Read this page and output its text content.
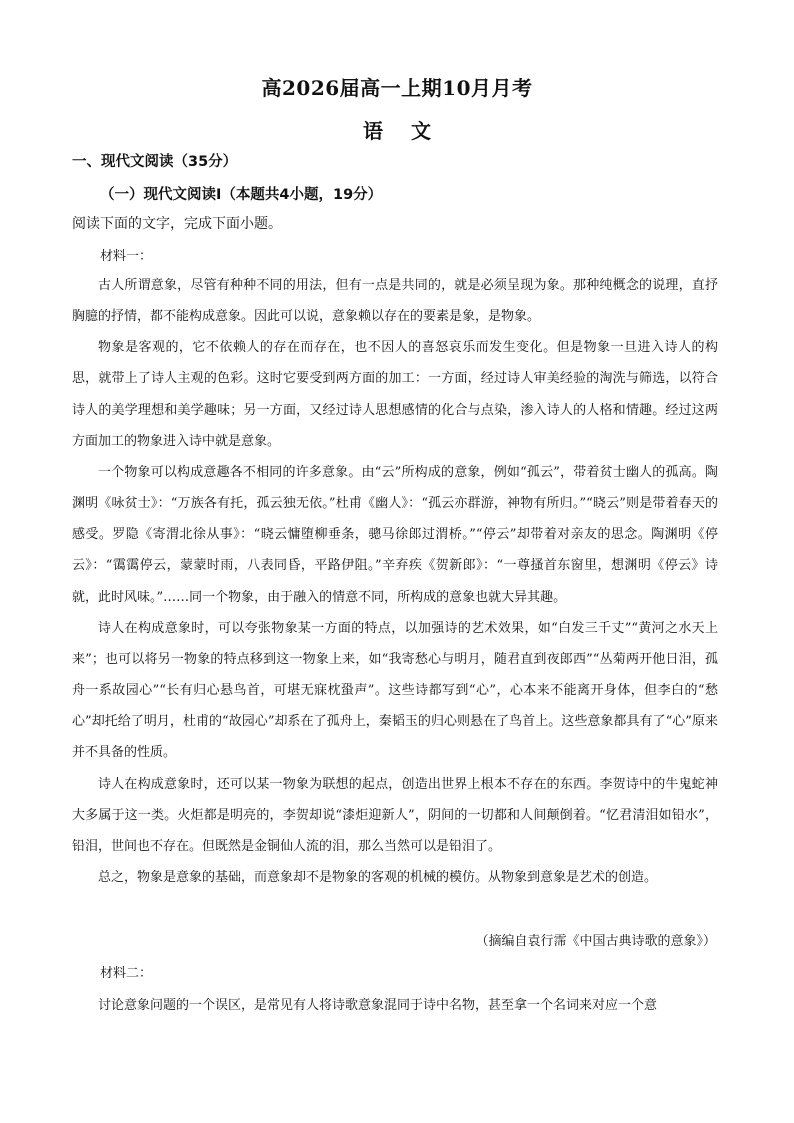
高2026届高一上期10月月考
语文
一、现代文阅读（35分）
（一）现代文阅读Ⅰ（本题共4小题，19分）
阅读下面的文字，完成下面小题。
材料一：

古人所谓意象，尽管有种种不同的用法，但有一点是共同的，就是必须呈现为象。那种纯概念的说理，直抒胸臆的抒情，都不能构成意象。因此可以说，意象赖以存在的要素是象，是物象。

物象是客观的，它不依赖人的存在而存在，也不因人的喜怒哀乐而发生变化。但是物象一旦进入诗人的构思，就带上了诗人主观的色彩。这时它要受到两方面的加工：一方面，经过诗人审美经验的淘洗与筛选，以符合诗人的美学理想和美学趣味；另一方面，又经过诗人思想感情的化合与点染，渗入诗人的人格和情趣。经过这两方面加工的物象进入诗中就是意象。

一个物象可以构成意趣各不相同的许多意象。由“云”所构成的意象，例如“孤云”，带着贫士幽人的孤高。陶渊明《咏贫士》：“万族各有托，孤云独无依。”杜甫《幽人》：“孤云亦群游，神物有所归。”“晓云”则是带着春天的感受。罗隐《寄渭北徐从事》：“晓云慵堕柳垂条，骢马徐郎过渭桥。”“停云”却带着对亲友的思念。陶渊明《停云》：“霭霭停云，蒙蒙时雨，八表同昏，平路伊阻。”辛弃疾《贺新郎》：“一尊搔首东窗里，想渊明《停云》诗就，此时风味。”……同一个物象，由于融入的情意不同，所构成的意象也就大异其趣。

诗人在构成意象时，可以夸张物象某一方面的特点，以加强诗的艺术效果，如“白发三千丈”“黄河之水天上来”；也可以将另一物象的特点移到这一物象上来，如“我寄愁心与明月，随君直到夜郎西”“丛菊两开他日泪，孤舟一系故园心”“长有归心悬鸟首，可堪无寐枕蛩声”。这些诗都写到“心”，心本来不能离开身体，但李白的“愁心”却托给了明月，杜甫的“故园心”却系在了孤舟上，秦韬玉的归心则悬在了鸟首上。这些意象都具有了“心”原来并不具备的性质。

诗人在构成意象时，还可以某一物象为联想的起点，创造出世界上根本不存在的东西。李贺诗中的牛鬼蛇神大多属于这一类。火炬都是明亮的，李贺却说“漆炬迎新人”，阴间的一切都和人间颠倒着。“忆君清泪如铅水”，铅泪，世间也不存在。但既然是金铜仙人流的泪，那么当然可以是铅泪了。

总之，物象是意象的基础，而意象却不是物象的客观的机械的模仿。从物象到意象是艺术的创造。

（摘编自袁行霈《中国古典诗歌的意象》）
材料二：

讨论意象问题的一个误区，是常见有人将诗歌意象混同于诗中名物，甚至拿一个名词来对应一个意
